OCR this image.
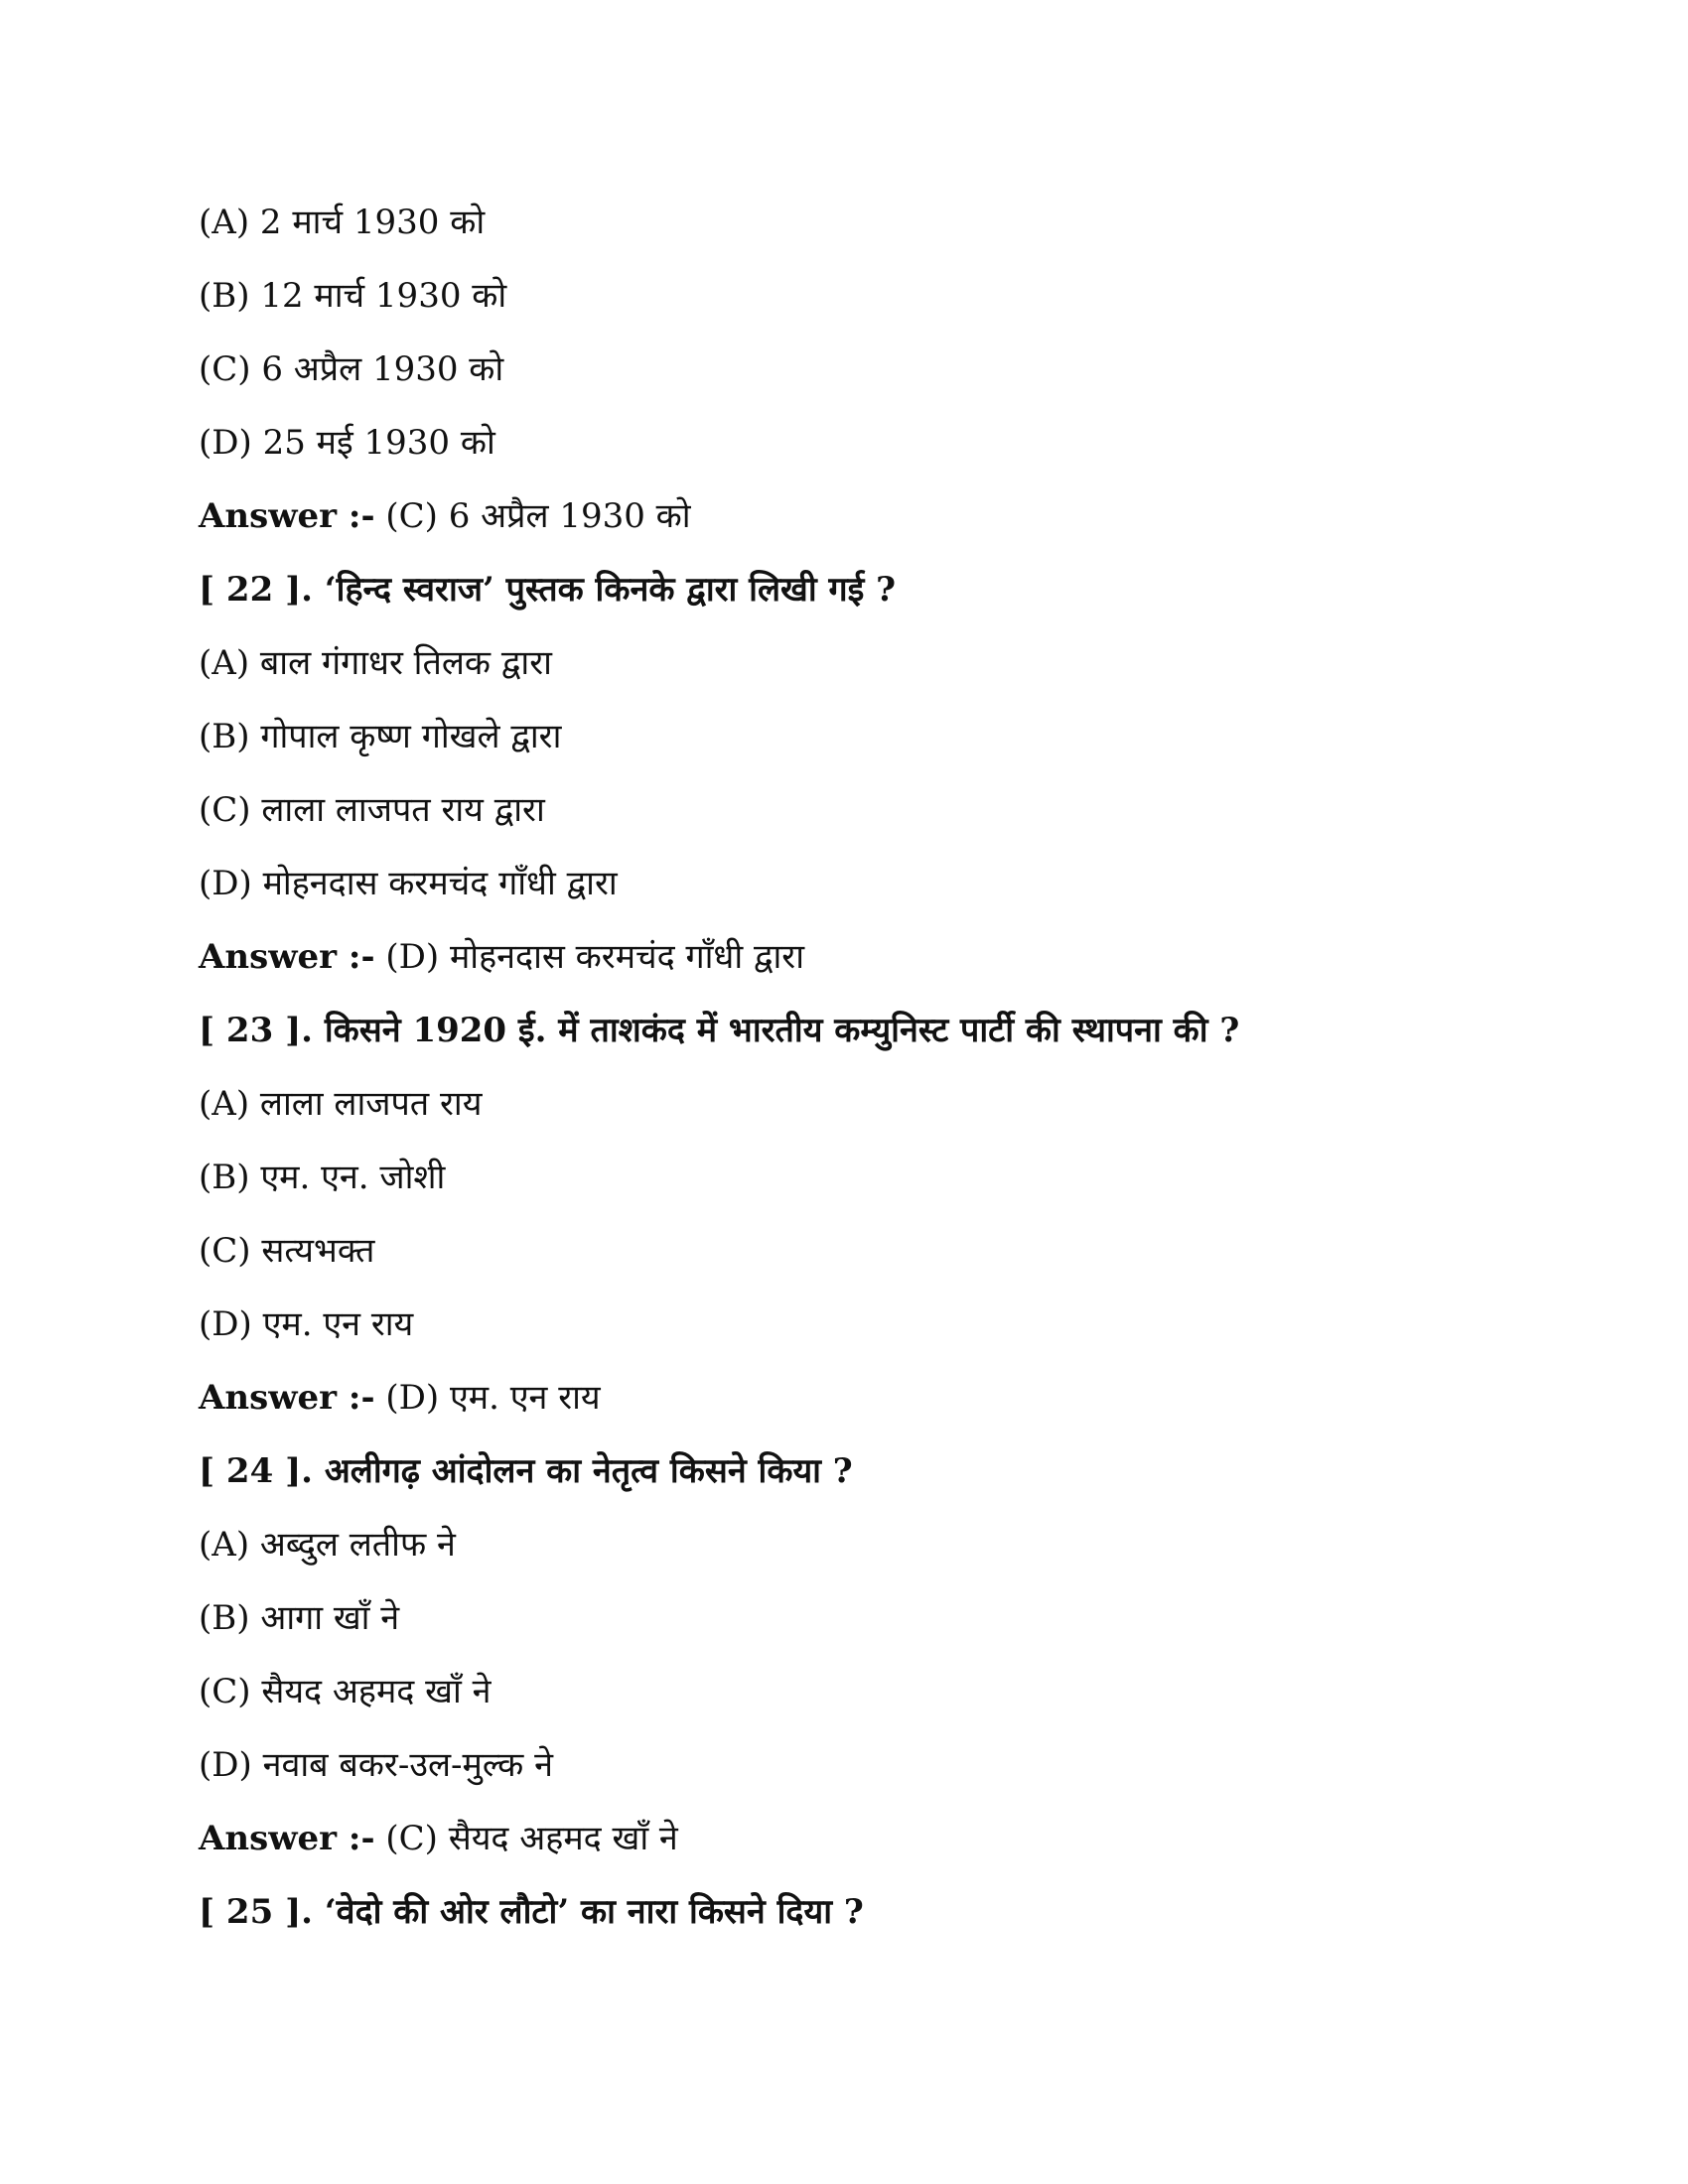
(A) 2 मार्च 1930 को
(B) 12 मार्च 1930 को
(C) 6 अप्रैल 1930 को
(D) 25 मई 1930 को
Answer :- (C) 6 अप्रैल 1930 को
[ 22 ]. ‘हिन्द स्वराज’ पुस्तक किनके द्वारा लिखी गई ?
(A) बाल गंगाधर तिलक द्वारा
(B) गोपाल कृष्ण गोखले द्वारा
(C) लाला लाजपत राय द्वारा
(D) मोहनदास करमचंद गाँधी द्वारा
Answer :- (D) मोहनदास करमचंद गाँधी द्वारा
[ 23 ]. किसने 1920 ई. में ताशकंद में भारतीय कम्युनिस्ट पार्टी की स्थापना की ?
(A) लाला लाजपत राय
(B) एम. एन. जोशी
(C) सत्यभक्त
(D) एम. एन राय
Answer :- (D) एम. एन राय
[ 24 ]. अलीगढ़ आंदोलन का नेतृत्व किसने किया ?
(A) अब्दुल लतीफ ने
(B) आगा खाँ ने
(C) सैयद अहमद खाँ ने
(D) नवाब बकर-उल-मुल्क ने
Answer :- (C) सैयद अहमद खाँ ने
[ 25 ]. ‘वेदो की ओर लौटो’ का नारा किसने दिया ?
